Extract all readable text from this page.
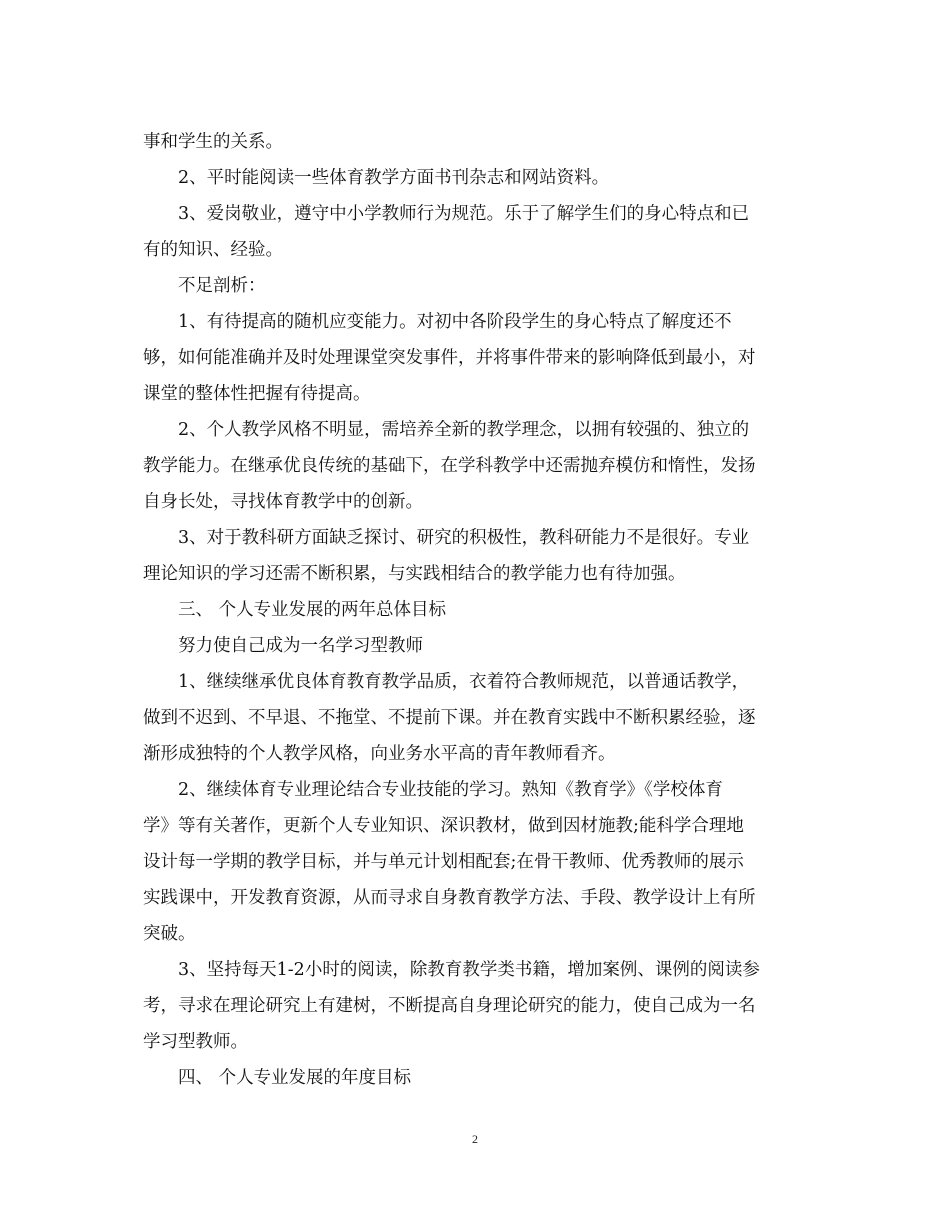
事和学生的关系。
2、平时能阅读一些体育教学方面书刊杂志和网站资料。
3、爱岗敬业，遵守中小学教师行为规范。乐于了解学生们的身心特点和已
有的知识、经验。
不足剖析：
1、有待提高的随机应变能力。对初中各阶段学生的身心特点了解度还不
够，如何能准确并及时处理课堂突发事件，并将事件带来的影响降低到最小，对
课堂的整体性把握有待提高。
2、个人教学风格不明显，需培养全新的教学理念，以拥有较强的、独立的
教学能力。在继承优良传统的基础下，在学科教学中还需抛弃模仿和惰性，发扬
自身长处，寻找体育教学中的创新。
3、对于教科研方面缺乏探讨、研究的积极性，教科研能力不是很好。专业
理论知识的学习还需不断积累，与实践相结合的教学能力也有待加强。
三、 个人专业发展的两年总体目标
努力使自己成为一名学习型教师
1、继续继承优良体育教育教学品质，衣着符合教师规范，以普通话教学，
做到不迟到、不早退、不拖堂、不提前下课。并在教育实践中不断积累经验，逐
渐形成独特的个人教学风格，向业务水平高的青年教师看齐。
2、继续体育专业理论结合专业技能的学习。熟知《教育学》《学校体育
学》等有关著作，更新个人专业知识、深识教材，做到因材施教;能科学合理地
设计每一学期的教学目标，并与单元计划相配套;在骨干教师、优秀教师的展示
实践课中，开发教育资源，从而寻求自身教育教学方法、手段、教学设计上有所
突破。
3、坚持每天1-2小时的阅读，除教育教学类书籍，增加案例、课例的阅读参
考，寻求在理论研究上有建树，不断提高自身理论研究的能力，使自己成为一名
学习型教师。
四、 个人专业发展的年度目标
2
